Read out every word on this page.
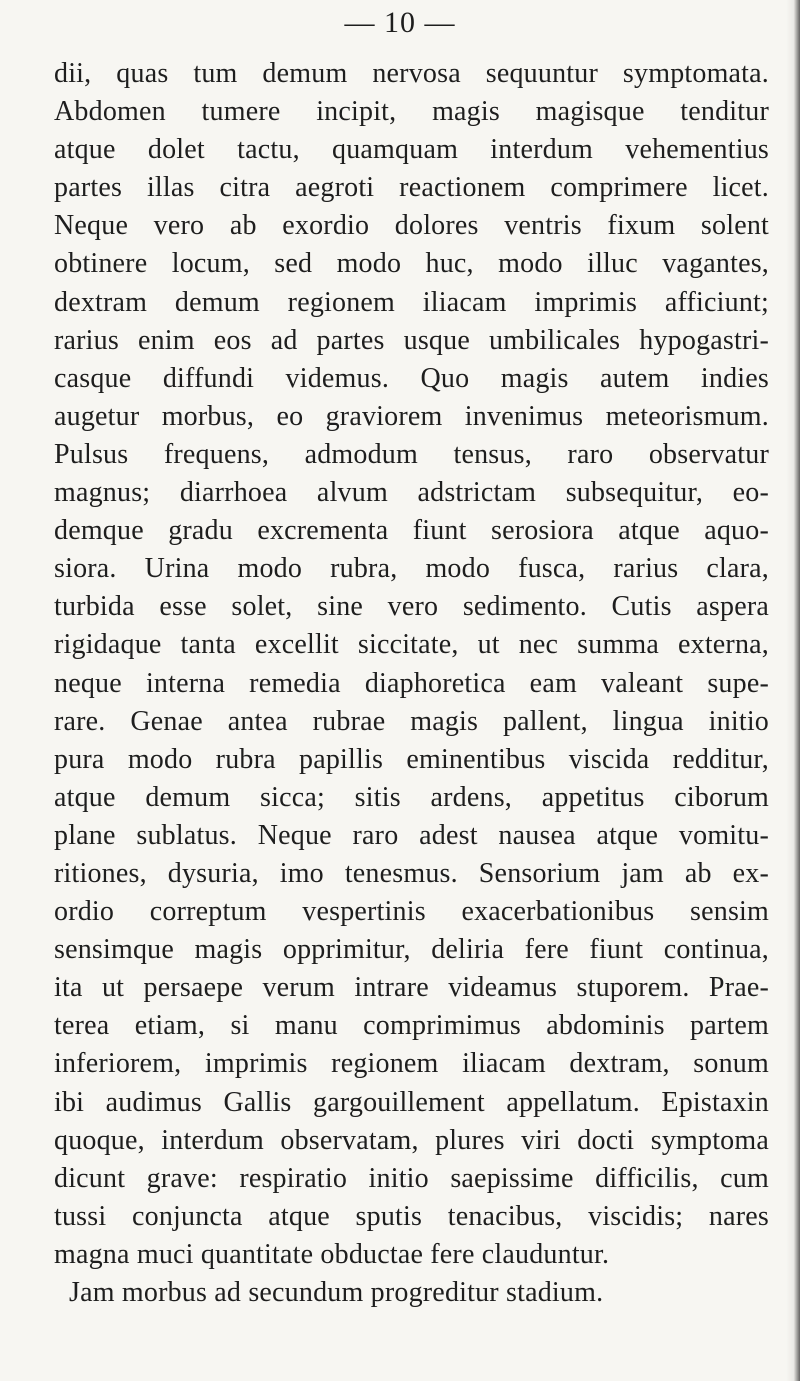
— 10 —
dii, quas tum demum nervosa sequuntur symptomata.
Abdomen tumere incipit, magis magisque tenditur
atque dolet tactu, quamquam interdum vehementius
partes illas citra aegroti reactionem comprimere licet.
Neque vero ab exordio dolores ventris fixum solent
obtinere locum, sed modo huc, modo illuc vagantes,
dextram demum regionem iliacam imprimis afficiunt;
rarius enim eos ad partes usque umbilicales hypogastri-
casque diffundi videmus. Quo magis autem indies
augetur morbus, eo graviorem invenimus meteorismum.
Pulsus frequens, admodum tensus, raro observatur
magnus; diarrhoea alvum adstrictam subsequitur, eo-
demque gradu excrementa fiunt serosiora atque aquo-
siora. Urina modo rubra, modo fusca, rarius clara,
turbida esse solet, sine vero sedimento. Cutis aspera
rigidaque tanta excellit siccitate, ut nec summa externa,
neque interna remedia diaphoretica eam valeant supe-
rare. Genae antea rubrae magis pallent, lingua initio
pura modo rubra papillis eminentibus viscida redditur,
atque demum sicca; sitis ardens, appetitus ciborum
plane sublatus. Neque raro adest nausea atque vomitu-
ritiones, dysuria, imo tenesmus. Sensorium jam ab ex-
ordio correptum vespertinis exacerbationibus sensim
sensimque magis opprimitur, deliria fere fiunt continua,
ita ut persaepe verum intrare videamus stuporem. Prae-
terea etiam, si manu comprimimus abdominis partem
inferiorem, imprimis regionem iliacam dextram, sonum
ibi audimus Gallis gargouillement appellatum. Epistaxin
quoque, interdum observatam, plures viri docti symptoma
dicunt grave: respiratio initio saepissime difficilis, cum
tussi conjuncta atque sputis tenacibus, viscidis; nares
magna muci quantitate obductae fere clauduntur.
Jam morbus ad secundum progreditur stadium.
